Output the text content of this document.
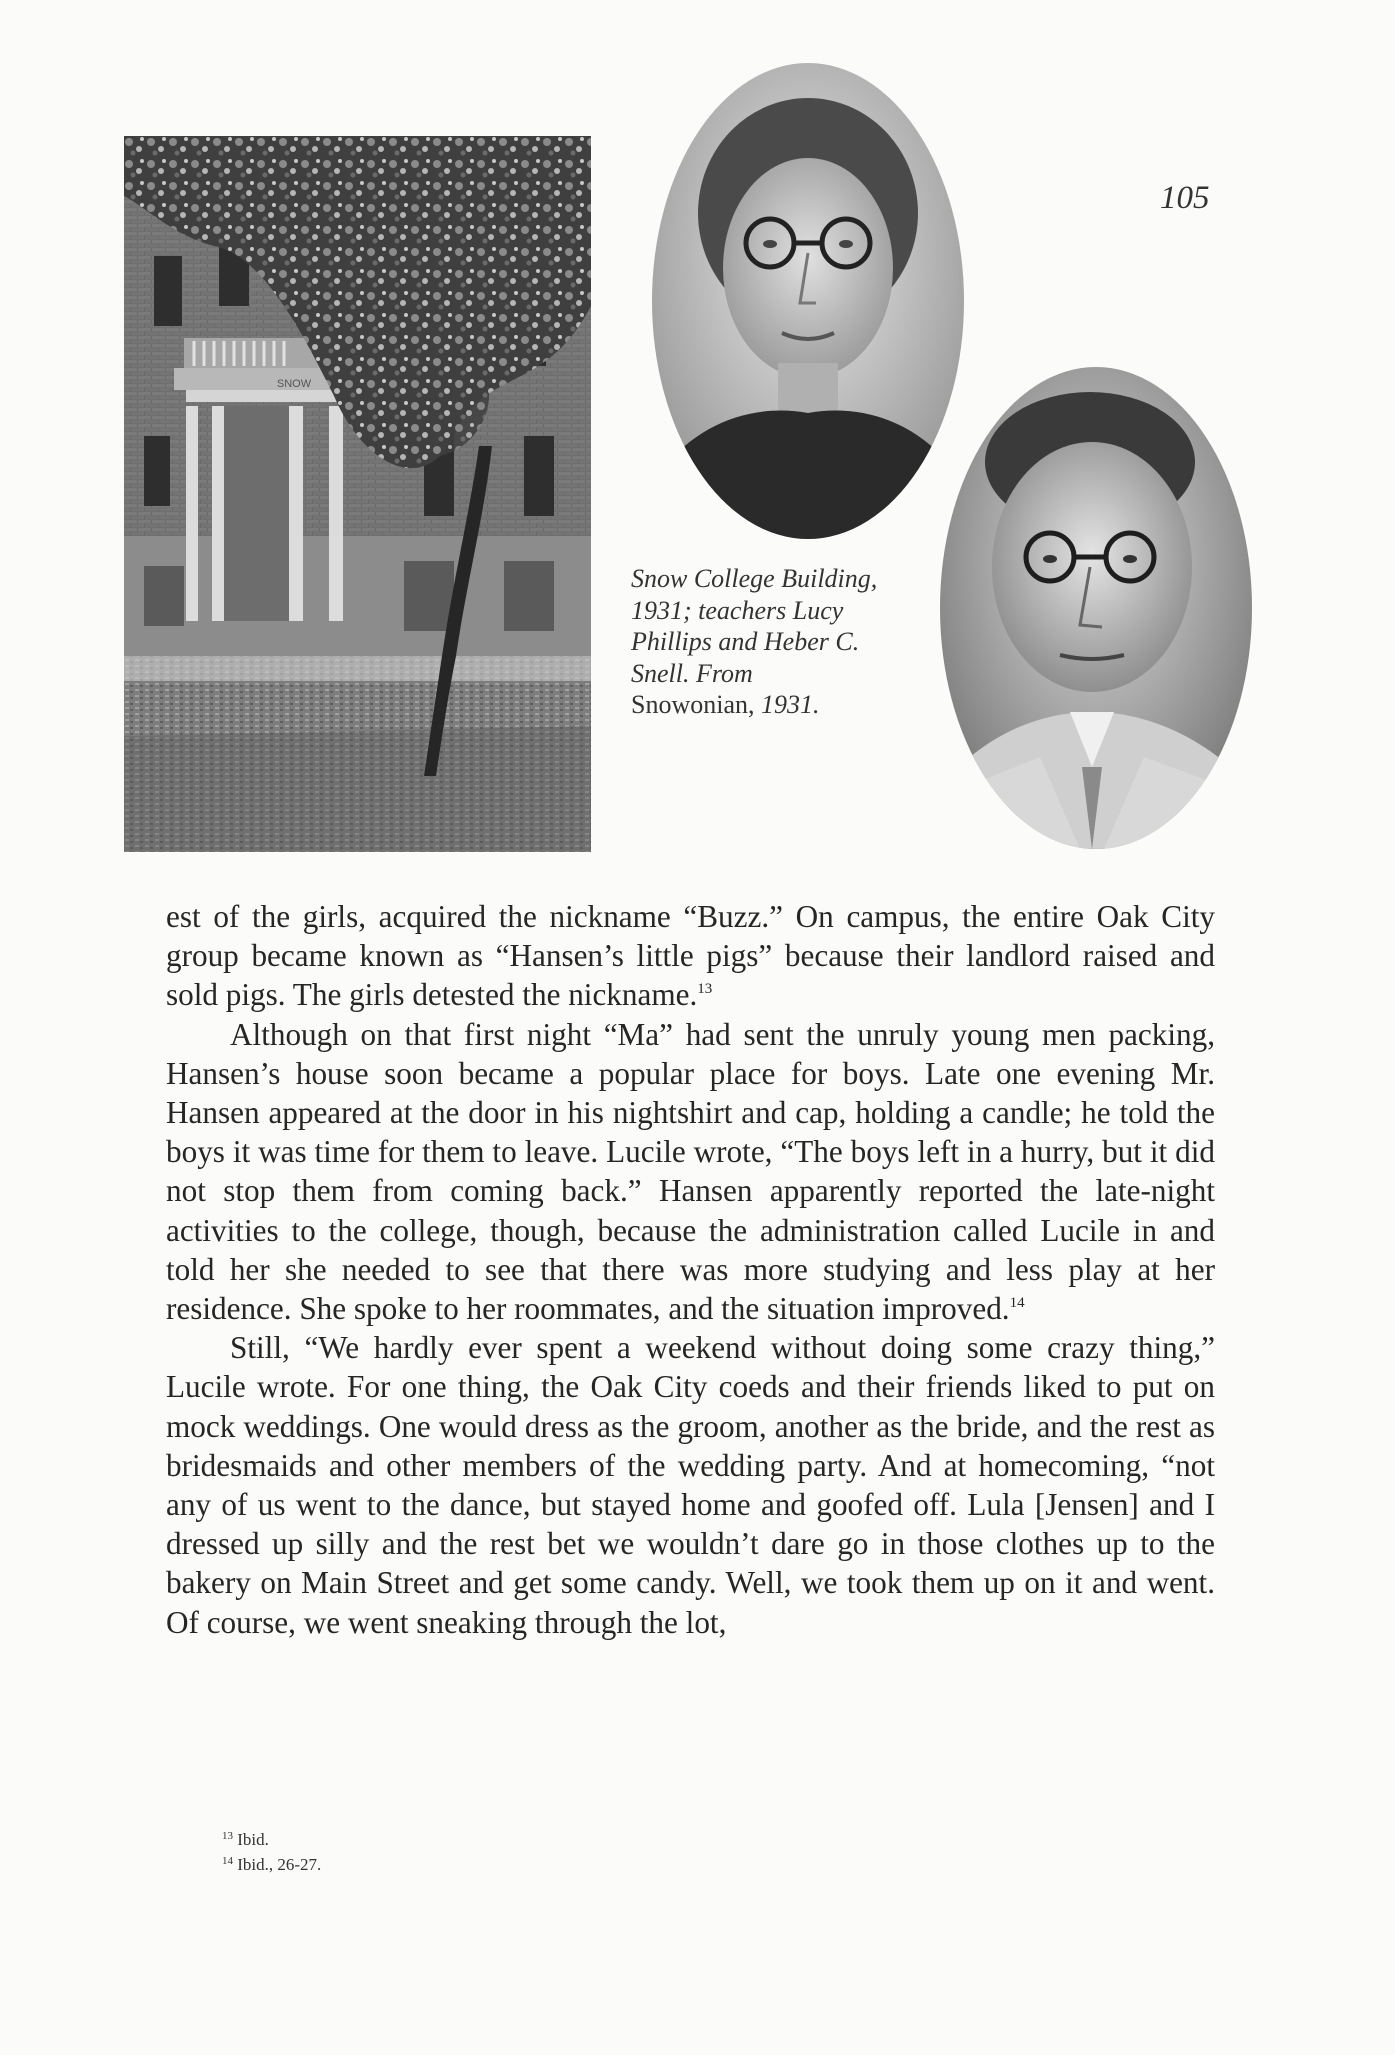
105
SNOW
Snow College Building,
1931; teachers Lucy
Phillips and Heber C.
Snell. From
Snowonian, 1931.

est of the girls, acquired the nickname “Buzz.” On campus, the entire Oak City group became known as “Hansen’s little pigs” because their landlord raised and sold pigs. The girls detested the nickname.$^{13}$

Although on that first night “Ma” had sent the unruly young men packing, Hansen’s house soon became a popular place for boys. Late one evening Mr. Hansen appeared at the door in his nightshirt and cap, holding a candle; he told the boys it was time for them to leave. Lucile wrote, “The boys left in a hurry, but it did not stop them from coming back.” Hansen apparently reported the late-night activities to the college, though, because the administration called Lucile in and told her she needed to see that there was more studying and less play at her residence. She spoke to her roommates, and the situation improved.$^{14}$

Still, “We hardly ever spent a weekend without doing some crazy thing,” Lucile wrote. For one thing, the Oak City coeds and their friends liked to put on mock weddings. One would dress as the groom, another as the bride, and the rest as bridesmaids and other members of the wedding party. And at homecoming, “not any of us went to the dance, but stayed home and goofed off. Lula [Jensen] and I dressed up silly and the rest bet we wouldn’t dare go in those clothes up to the bakery on Main Street and get some candy. Well, we took them up on it and went. Of course, we went sneaking through the lot,

$^{13}$ Ibid.
$^{14}$ Ibid., 26-27.
